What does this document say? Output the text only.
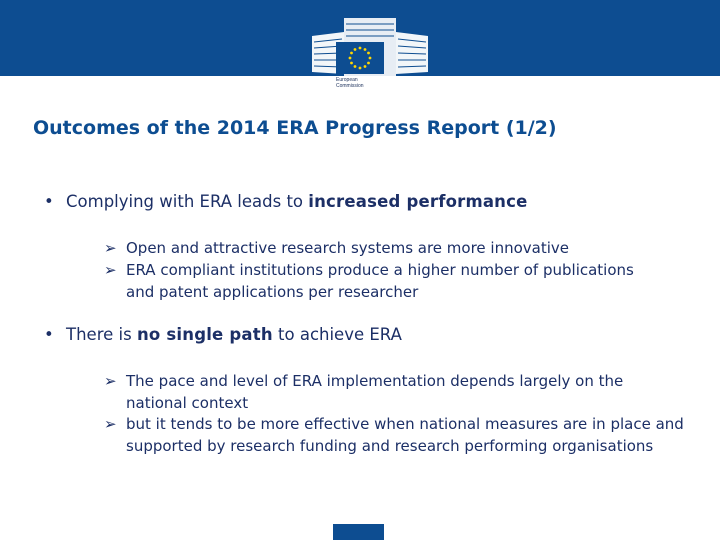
European
Commission
Outcomes of the 2014 ERA Progress Report (1/2)
• Complying with ERA leads to increased performance
➢ Open and attractive research systems are more innovative
➢ ERA compliant institutions produce a higher number of publications and patent applications per researcher
• There is no single path to achieve ERA
➢ The pace and level of ERA implementation depends largely on the national context
➢ but it tends to be more effective when national measures are in place and supported by research funding and research performing organisations
